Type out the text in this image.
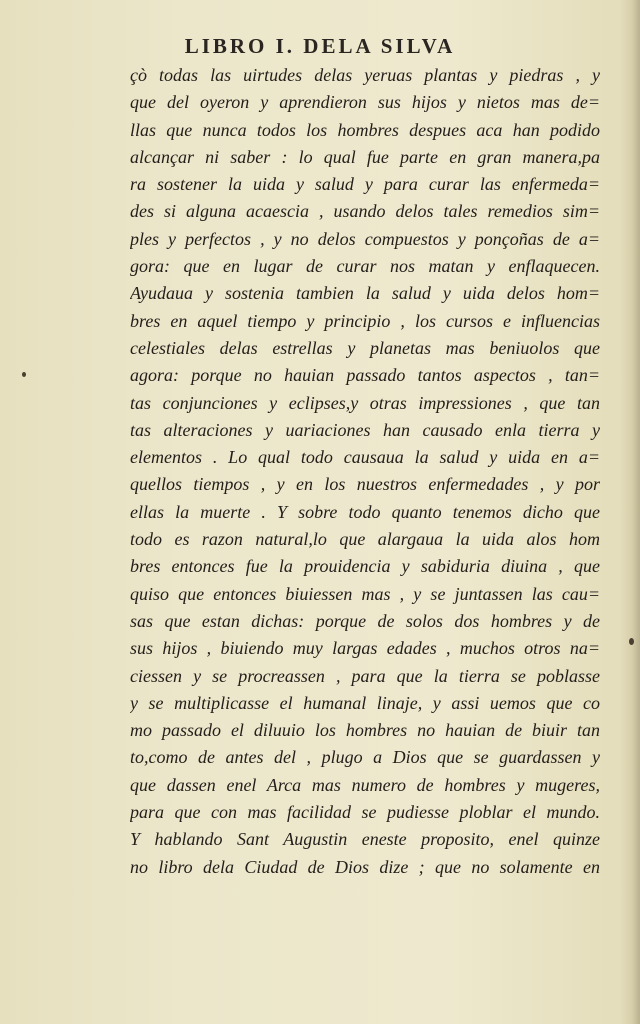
LIBRO I. DELA SILVA
çò todas las uirtudes delas yeruas plantas y piedras , y
que del oyeron y aprendieron sus hijos y nietos mas de=
llas que nunca todos los hombres despues aca han podido
alcançar ni saber : lo qual fue parte en gran manera,pa
ra sostener la uida y salud y para curar las enfermeda=
des si alguna acaescia , usando delos tales remedios sim=
ples y perfectos , y no delos compuestos y ponçoñas de a=
gora: que en lugar de curar nos matan y enflaquecen.
Ayudaua y sostenia tambien la salud y uida delos hom=
bres en aquel tiempo y principio , los cursos e influencias
celestiales delas estrellas y planetas mas beniuolos que
agora: porque no hauian passado tantos aspectos , tan=
tas conjunciones y eclipses,y otras impressiones , que tan
tas alteraciones y uariaciones han causado enla tierra y
elementos . Lo qual todo causaua la salud y uida en a=
quellos tiempos , y en los nuestros enfermedades , y por
ellas la muerte . Y sobre todo quanto tenemos dicho que
todo es razon natural,lo que alargaua la uida alos hom
bres entonces fue la prouidencia y sabiduria diuina , que
quiso que entonces biuiessen mas , y se juntassen las cau=
sas que estan dichas: porque de solos dos hombres y de
sus hijos , biuiendo muy largas edades , muchos otros na=
ciessen y se procreassen , para que la tierra se poblasse
y se multiplicasse el humanal linaje, y assi uemos que co
mo passado el diluuio los hombres no hauian de biuir tan
to,como de antes del , plugo a Dios que se guardassen y
que dassen enel Arca mas numero de hombres y mugeres,
para que con mas facilidad se pudiesse ploblar el mundo.
Y hablando Sant Augustin eneste proposito, enel quinze
no libro dela Ciudad de Dios dize ; que no solamente en
